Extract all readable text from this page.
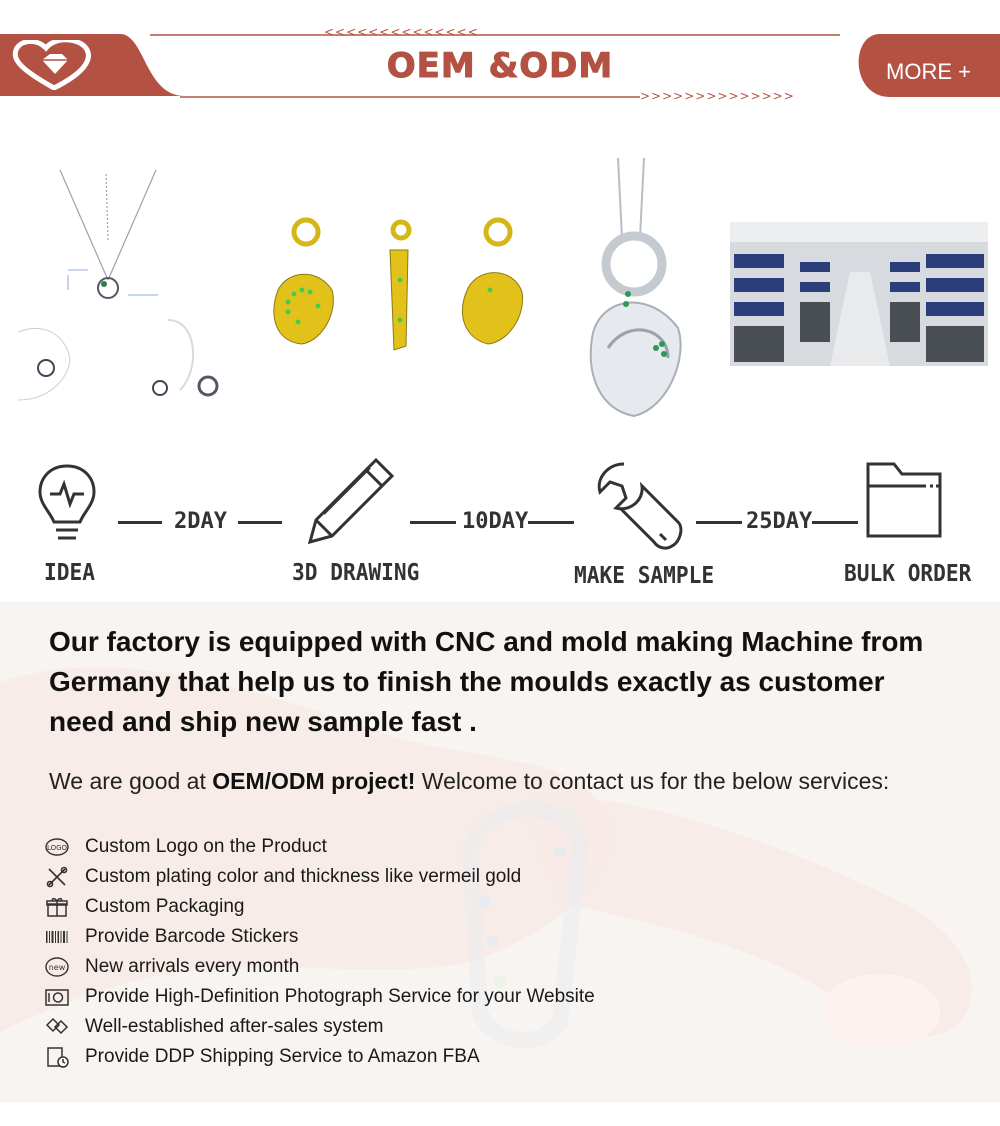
<<<<<<<<<<<<<<
OEM &ODM
>>>>>>>>>>>>>>
MORE +
IDEA
2DAY
3D DRAWING
10DAY
MAKE SAMPLE
25DAY
BULK ORDER
Our factory is equipped with CNC and mold making Machine from Germany that help us to finish the moulds exactly as customer need and ship new sample fast .
We are good at OEM/ODM project! Welcome to contact us for the below services:
LOGO Custom Logo on the Product
Custom plating color and thickness like vermeil gold
Custom Packaging
Provide Barcode Stickers
new New arrivals every month
Provide High-Definition Photograph Service for your Website
Well-established after-sales system
Provide DDP Shipping Service to Amazon FBA
